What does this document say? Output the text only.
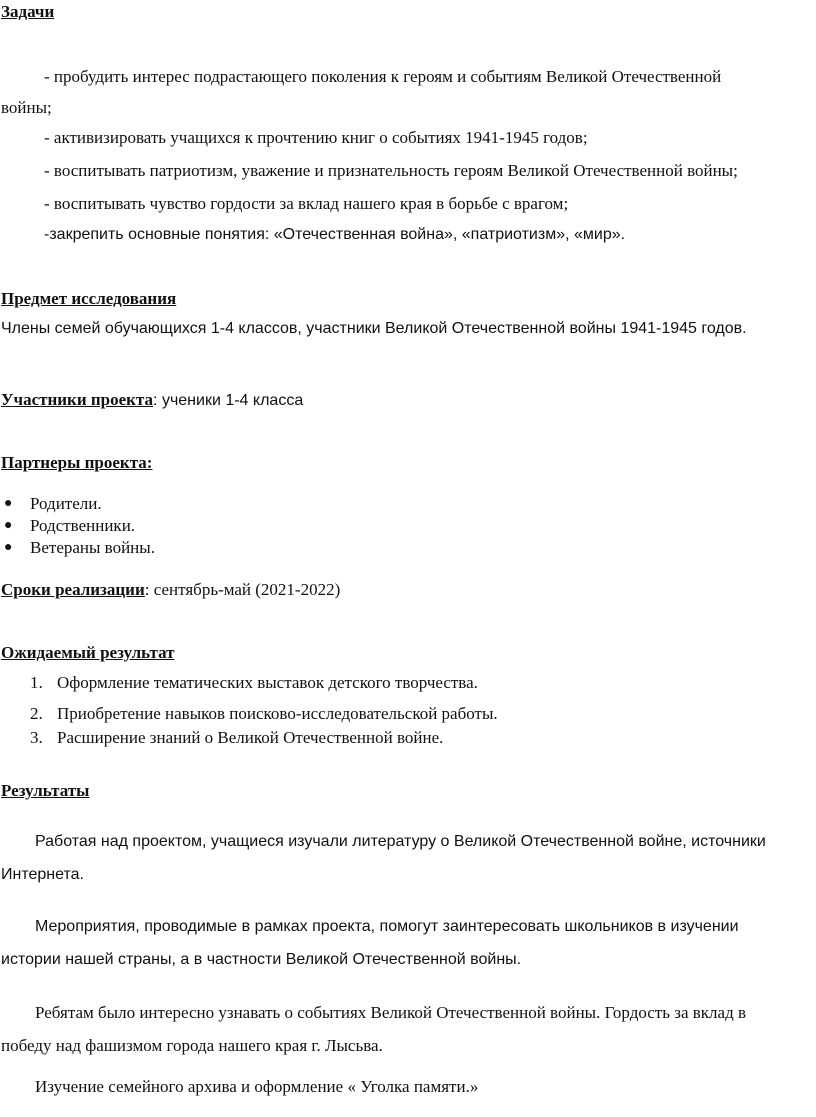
Задачи
- пробудить интерес подрастающего поколения к героям и событиям Великой Отечественной
войны;
- активизировать учащихся к прочтению книг о событиях 1941-1945 годов;
- воспитывать патриотизм, уважение и признательность героям Великой Отечественной войны;
- воспитывать чувство гордости за вклад нашего края в борьбе с врагом;
-закрепить основные понятия: «Отечественная война», «патриотизм», «мир».
Предмет исследования
Члены семей обучающихся 1-4 классов, участники Великой Отечественной войны 1941-1945 годов.
Участники проекта: ученики 1-4 класса
Партнеры проекта:
● Родители.
● Родственники.
● Ветераны войны.
Сроки реализации: сентябрь-май (2021-2022)
Ожидаемый результат
1. Оформление тематических выставок детского творчества.
2. Приобретение навыков поисково-исследовательской работы.
3. Расширение знаний о Великой Отечественной войне.
Результаты
Работая над проектом, учащиеся изучали литературу о Великой Отечественной войне, источники
Интернета.
Мероприятия, проводимые в рамках проекта, помогут заинтересовать школьников в изучении
истории нашей страны, а в частности Великой Отечественной войны.
Ребятам было интересно узнавать о событиях Великой Отечественной войны. Гордость за вклад в
победу над фашизмом города нашего края г. Лысьва.
Изучение семейного архива и оформление « Уголка памяти.»
